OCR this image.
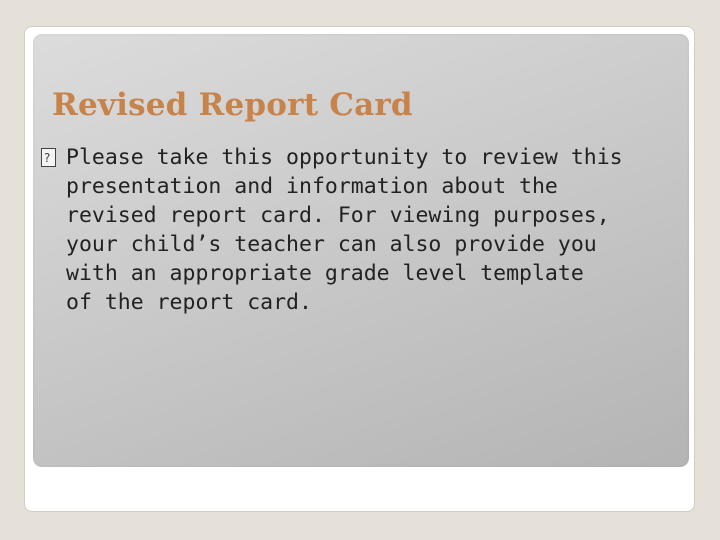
Revised Report Card
?
Please take this opportunity to review this
presentation and information about the
revised report card. For viewing purposes,
your child’s teacher can also provide you
with an appropriate grade level template
of the report card.
